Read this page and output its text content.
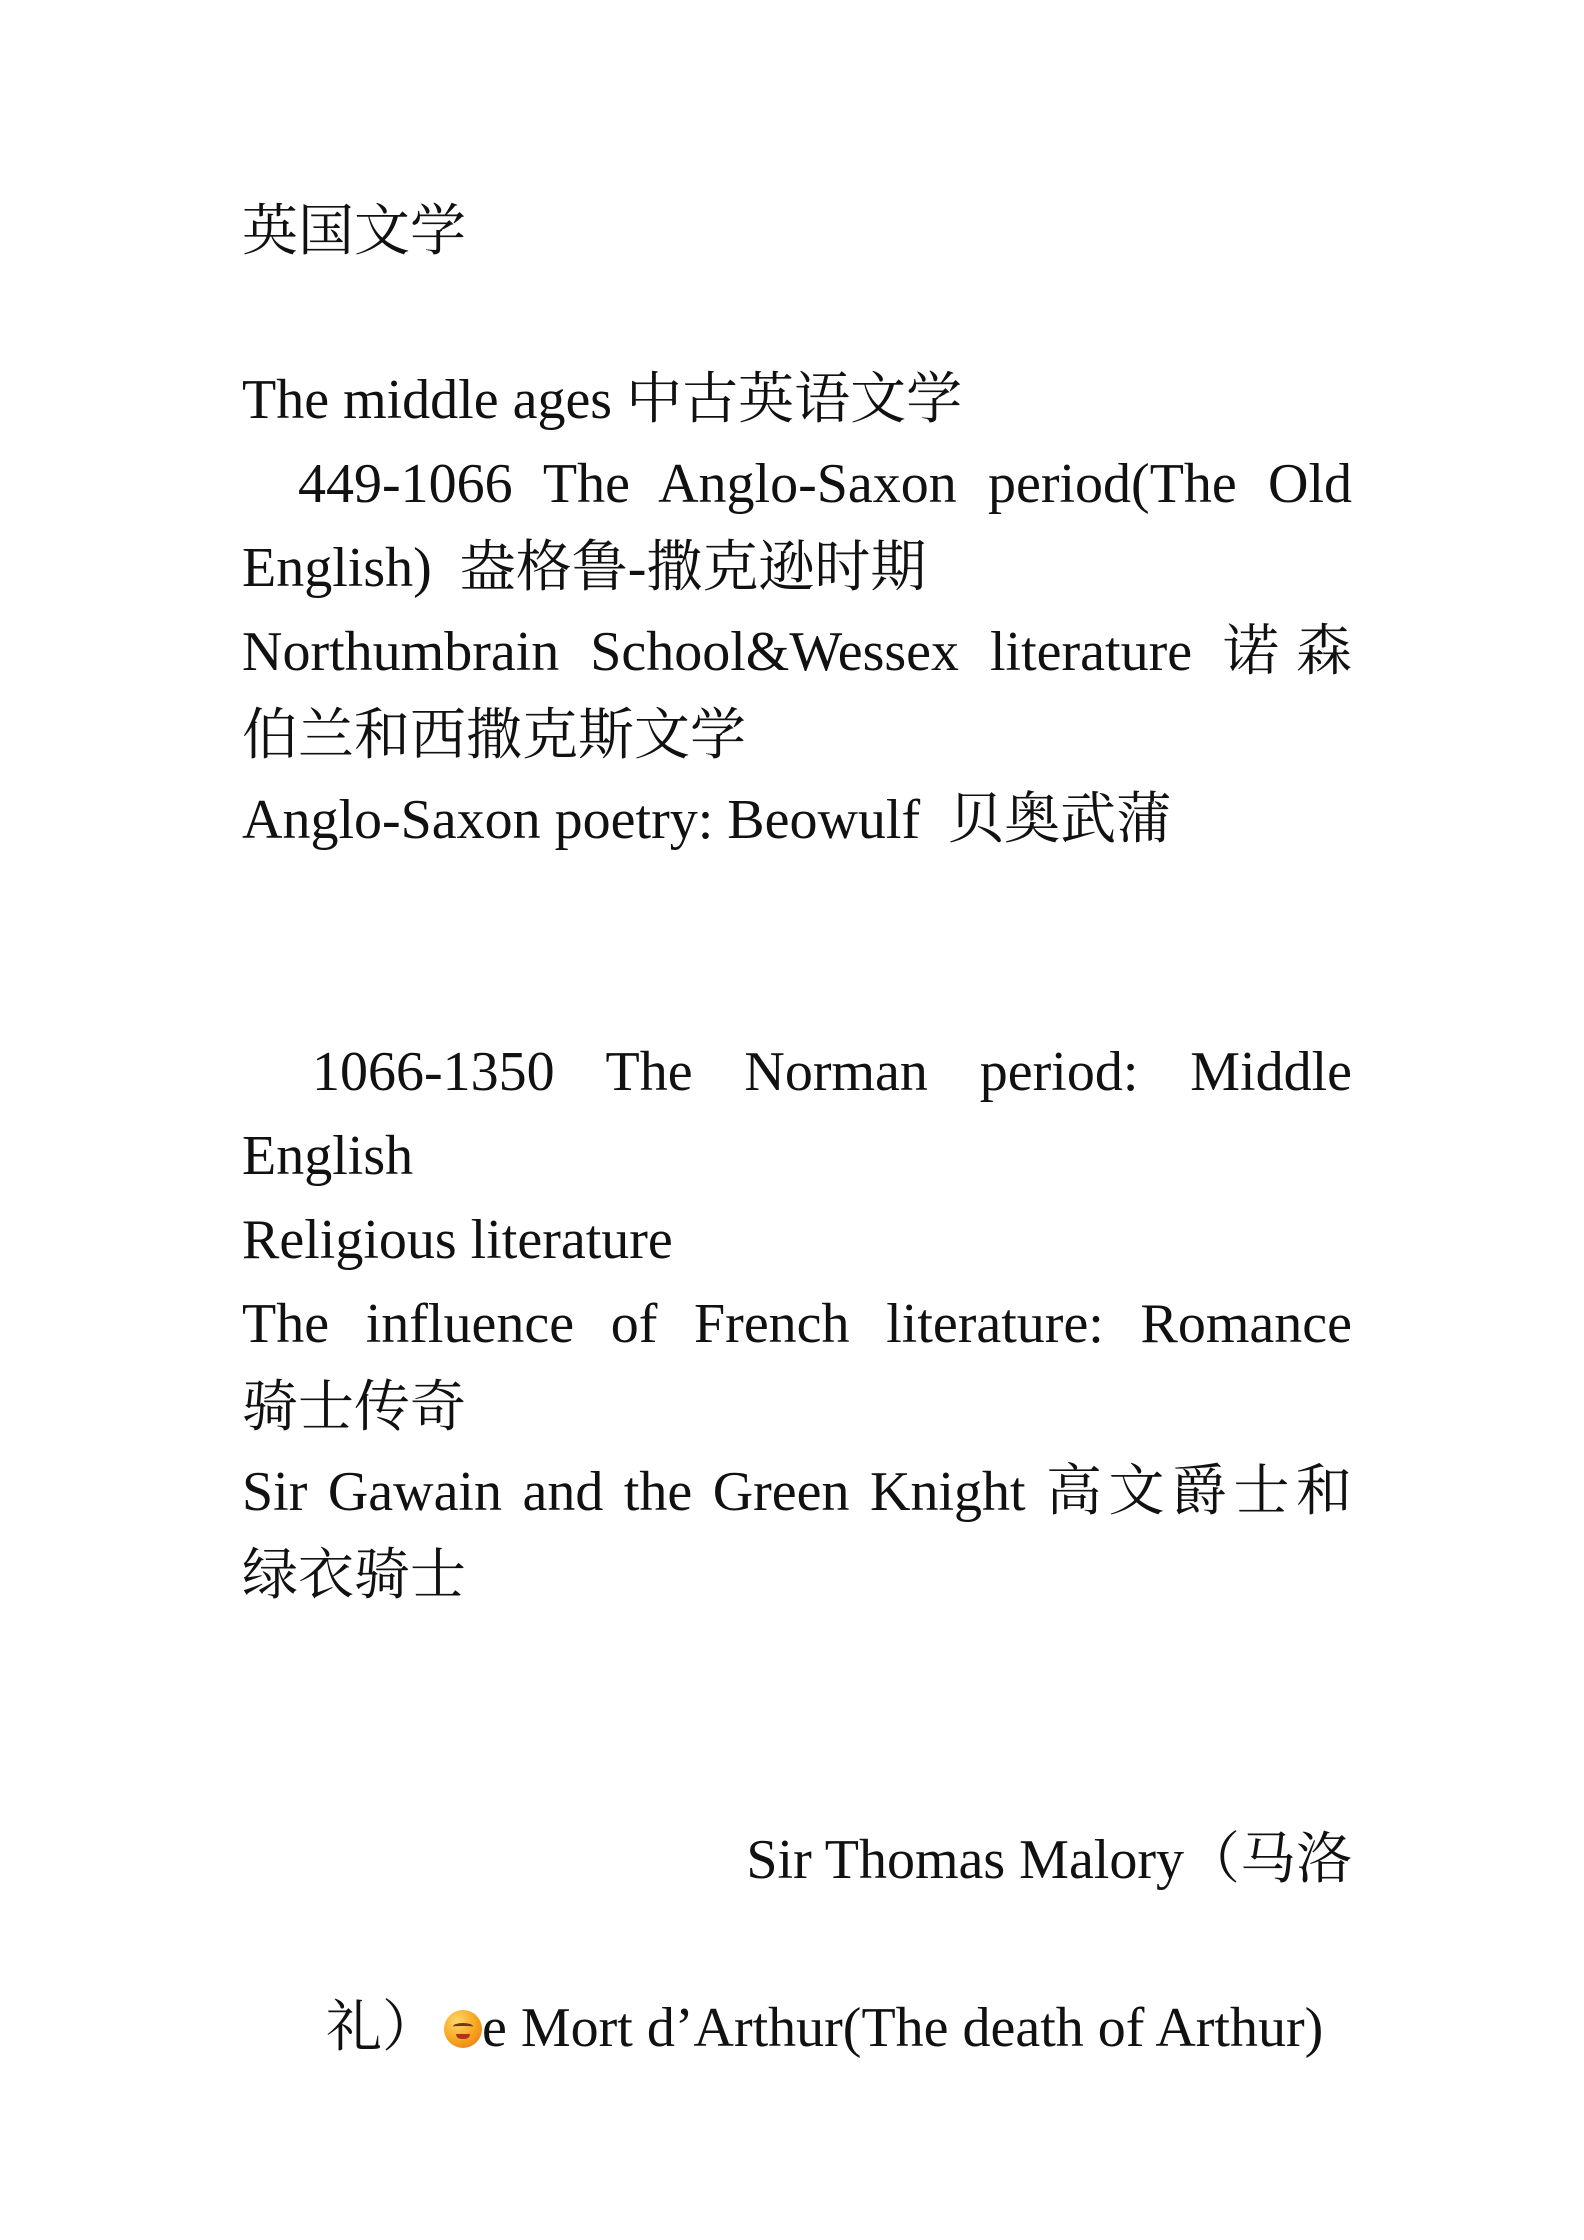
英国文学
The middle ages 中古英语文学
449-1066 The Anglo-Saxon period(The Old
English)  盎格鲁-撒克逊时期
Northumbrain School&Wessex literature 诺森
伯兰和西撒克斯文学
Anglo-Saxon poetry: Beowulf  贝奥武蒲
1066-1350 The Norman period: Middle
English
Religious literature
The influence of French literature: Romance
骑士传奇
Sir Gawain and the Green Knight 高文爵士和
绿衣骑士
Sir Thomas Malory（马洛

礼） e Mort d’Arthur(The death of Arthur)
